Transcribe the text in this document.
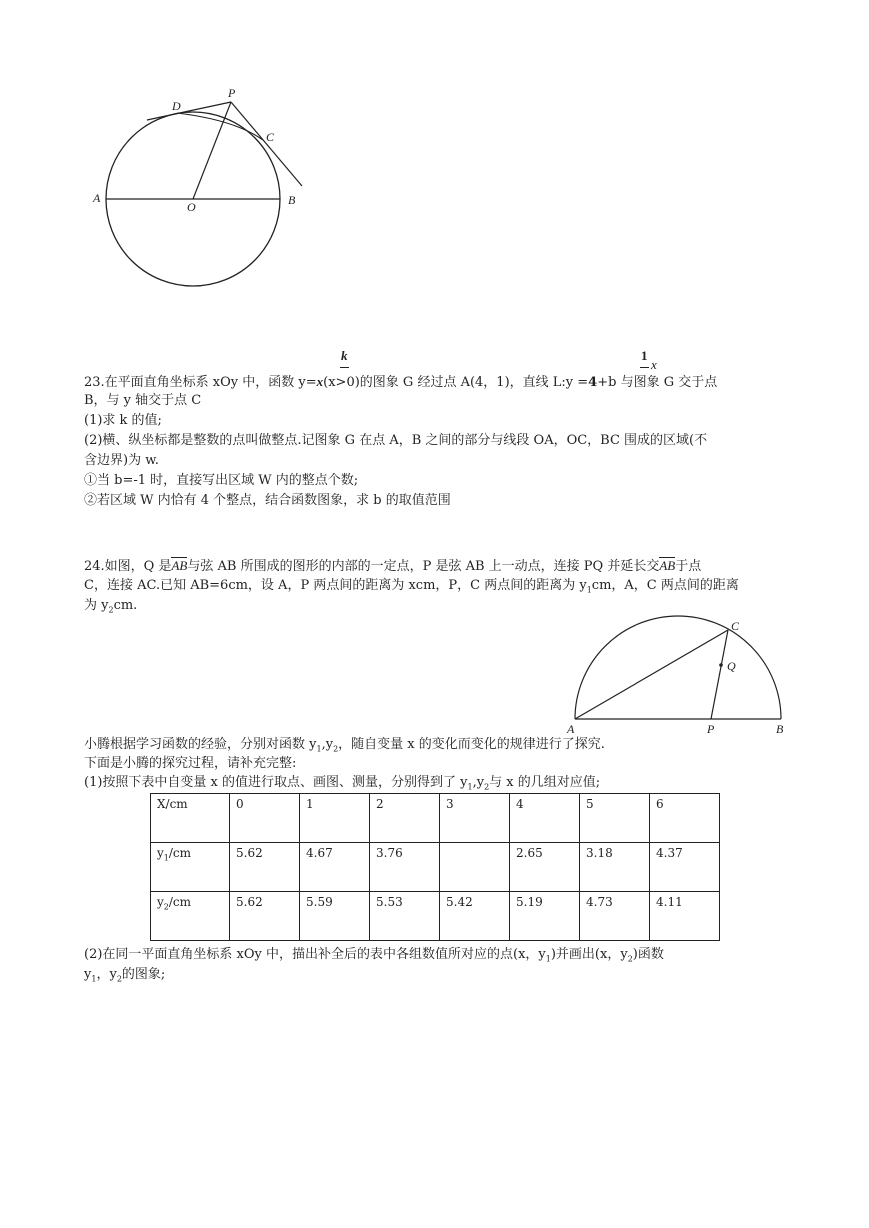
P
D
C
A
O	B
k	1
x
23.在平面直角坐标系 xOy 中，函数 y=x(x>0)的图象 G 经过点 A(4，1)，直线 L:y =4+b 与图象 G 交于点
B，与 y 轴交于点 C
(1)求 k 的值;
(2)横、纵坐标都是整数的点叫做整点.记图象 G 在点 A，B 之间的部分与线段 OA，OC，BC 围成的区域(不
含边界)为 w.
①当 b=-1 时，直接写出区域 W 内的整点个数;
②若区域 W 内恰有 4 个整点，结合函数图象，求 b 的取值范围
24.如图，Q 是AB与弦 AB 所围成的图形的内部的一定点，P 是弦 AB 上一动点，连接 PQ 并延长交AB于点
C，连接 AC.已知 AB=6cm，设 A，P 两点间的距离为 xcm，P，C 两点间的距离为 $y_1cm$，A，C 两点间的距离
为 $y_2cm$.
C
Q
A	P	B
小腾根据学习函数的经验，分别对函数 $y_1,y_2$，随自变量 x 的变化而变化的规律进行了探究.
下面是小腾的探究过程，请补充完整:
(1)按照下表中自变量 x 的值进行取点、画图、测量，分别得到了 $y_1,y_2$与 x 的几组对应值;
X/cm	0	1	2	3	4	5	6
$y_1/cm$	5.62	4.67	3.76		2.65	3.18	4.37
$y_2/cm$	5.62	5.59	5.53	5.42	5.19	4.73	4.11
(2)在同一平面直角坐标系 xOy 中，描出补全后的表中各组数值所对应的点(x，$y_1$)并画出(x，$y_2$)函数
$y_1$，$y_2$的图象;
